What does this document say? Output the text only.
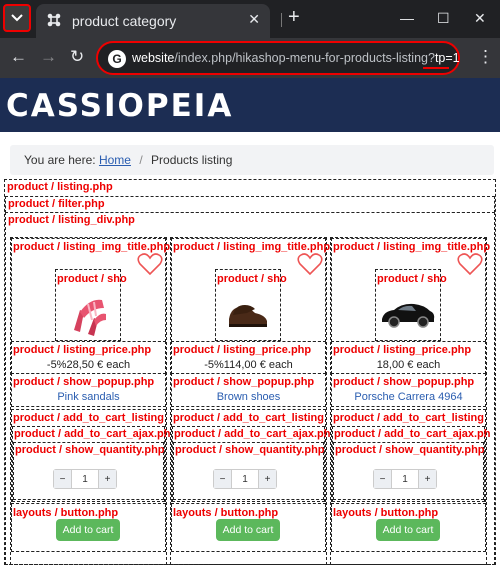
product category	✕ +	— ☐ ✕
← → ↻	G website/index.php/hikashop-menu-for-products-listing?tp=1 ⋮
CASSIOPEIA
You are here: Home / Products listing
product / listing.php
product / filter.php
product / listing_div.php
product / listing_img_title.php
product / sho
product / listing_price.php
-5%28,50 € each
product / show_popup.php
Pink sandals
product / add_to_cart_listing
product / add_to_cart_ajax.ph
product / show_quantity.php
−	1	+
layouts / button.php
Add to cart
product / listing_img_title.php
product / sho
product / listing_price.php
-5%114,00 € each
product / show_popup.php
Brown shoes
product / add_to_cart_listing
product / add_to_cart_ajax.ph
product / show_quantity.php
−	1	+
layouts / button.php
Add to cart
product / listing_img_title.php
product / sho
product / listing_price.php
18,00 € each
product / show_popup.php
Porsche Carrera 4964
product / add_to_cart_listing
product / add_to_cart_ajax.ph
product / show_quantity.php
−	1	+
layouts / button.php
Add to cart
